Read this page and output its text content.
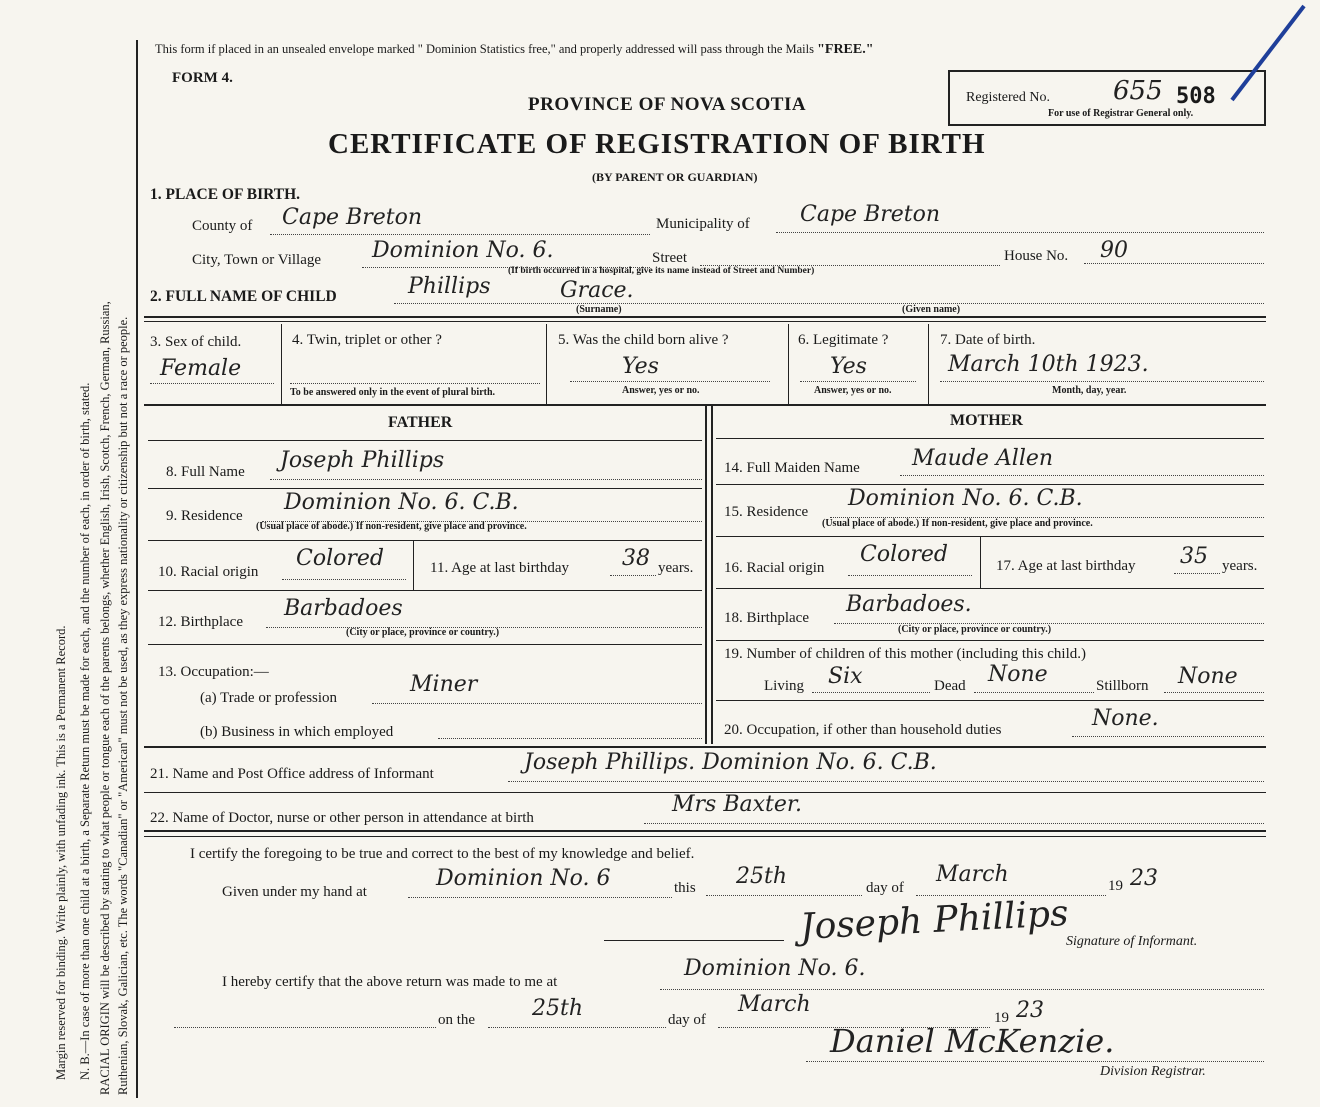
Margin reserved for binding. Write plainly, with unfading ink. This is a Permanent Record. N. B.—In case of more than one child at a birth, a Separate Return must be made for each, and the number of each, in order of birth, stated. RACIAL ORIGIN will be described by stating to what people or tongue each of the parents belongs, whether English, Irish, Scotch, French, German, Russian, Ruthenian, Slovak, Galician, etc. The words "Canadian" or "American" must not be used, as they express nationality or citizenship but not a race or people.
This form if placed in an unsealed envelope marked " Dominion Statistics free," and properly addressed will pass through the Mails "FREE."
FORM 4.
PROVINCE OF NOVA SCOTIA
CERTIFICATE OF REGISTRATION OF BIRTH
(BY PARENT OR GUARDIAN)
Registered No. 655 508
For use of Registrar General only.
1. PLACE OF BIRTH.
County of Cape Breton	Municipality of Cape Breton
City, Town or Village Dominion No. 6.	Street
(If birth occurred in a hospital, give its name instead of Street and Number)
House No. 90
2. FULL NAME OF CHILD	Phillips	Grace.
(Surname)	(Given name)
3. Sex of child.
Female
4. Twin, triplet or other ?
To be answered only in the event of plural birth.
5. Was the child born alive ?
Yes
Answer, yes or no.
6. Legitimate ?
Yes
Answer, yes or no.
7. Date of birth.
March 10th 1923.
Month, day, year.
FATHER	MOTHER
8. Full Name Joseph Phillips
9. Residence
Dominion No. 6. C.B.
(Usual place of abode.) If non-resident, give place and province.
10. Racial origin
Colored	11. Age at last birthday 38 years.
12. Birthplace
Barbadoes
(City or place, province or country.)
13. Occupation:—
(a) Trade or profession
Miner
(b) Business in which employed
14. Full Maiden Name Maude Allen
15. Residence
Dominion No. 6. C.B.
(Usual place of abode.) If non-resident, give place and province.
16. Racial origin
Colored	17. Age at last birthday 35 years.
18. Birthplace
Barbadoes.
(City or place, province or country.)
19. Number of children of this mother (including this child.)
Living Six	Dead None	Stillborn None
20. Occupation, if other than household duties	None.
21. Name and Post Office address of Informant	Joseph Phillips. Dominion No. 6. C.B.
22. Name of Doctor, nurse or other person in attendance at birth
Mrs Baxter.
I certify the foregoing to be true and correct to the best of my knowledge and belief.
Given under my hand at
Dominion No. 6	this 25th	day of
March	19 23
Joseph Phillips
Signature of Informant.
I hereby certify that the above return was made to me at
Dominion No. 6.
on the	25th	day of
March
19 23
Daniel McKenzie.
Division Registrar.
